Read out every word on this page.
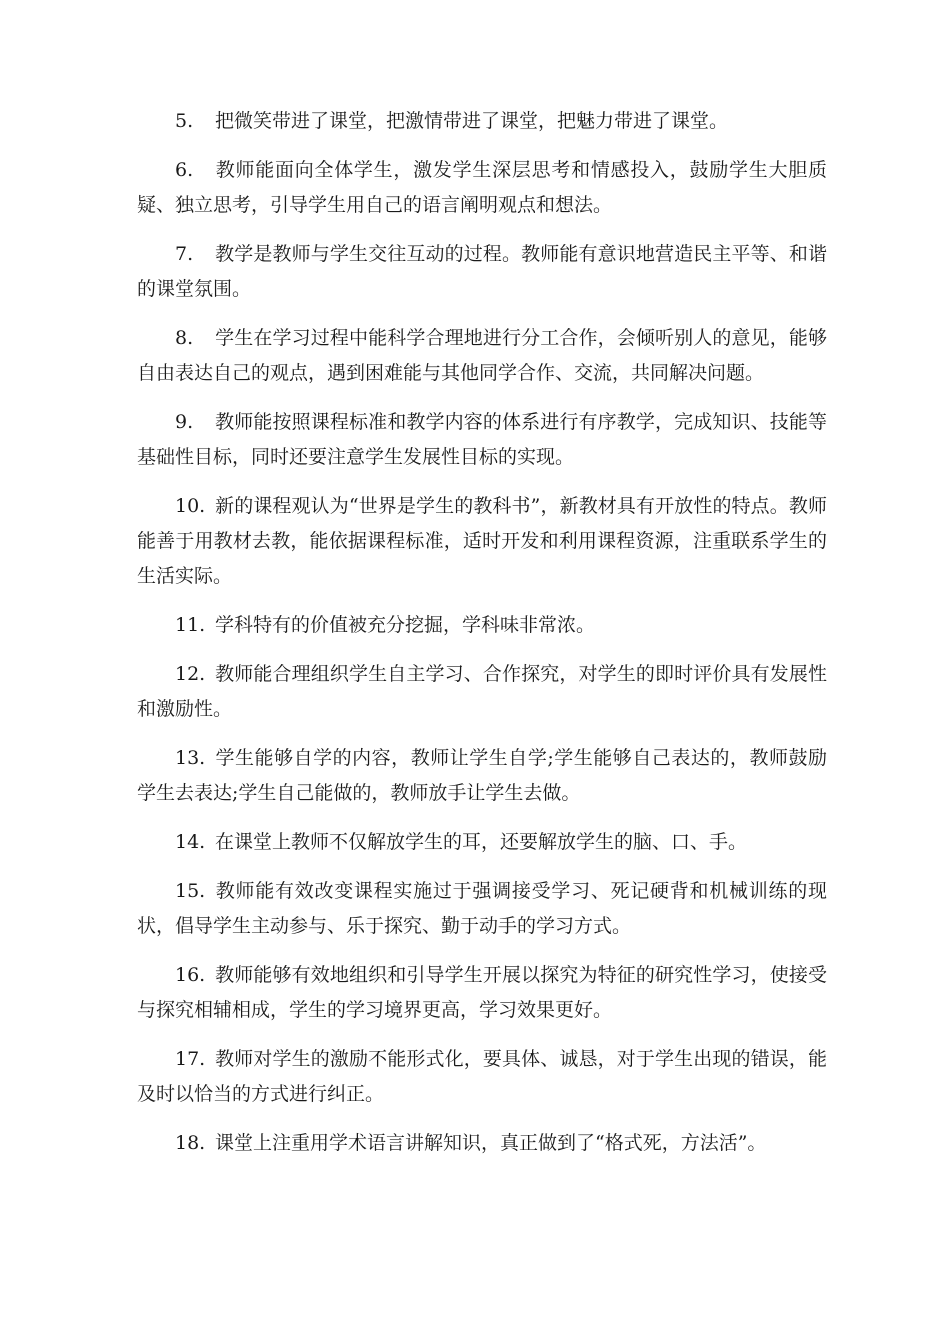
5. 把微笑带进了课堂，把激情带进了课堂，把魅力带进了课堂。

6. 教师能面向全体学生，激发学生深层思考和情感投入，鼓励学生大胆质疑、独立思考，引导学生用自己的语言阐明观点和想法。

7. 教学是教师与学生交往互动的过程。教师能有意识地营造民主平等、和谐的课堂氛围。

8. 学生在学习过程中能科学合理地进行分工合作，会倾听别人的意见，能够自由表达自己的观点，遇到困难能与其他同学合作、交流，共同解决问题。

9. 教师能按照课程标准和教学内容的体系进行有序教学，完成知识、技能等基础性目标，同时还要注意学生发展性目标的实现。

10. 新的课程观认为“世界是学生的教科书”，新教材具有开放性的特点。教师能善于用教材去教，能依据课程标准，适时开发和利用课程资源，注重联系学生的生活实际。

11. 学科特有的价值被充分挖掘，学科味非常浓。

12. 教师能合理组织学生自主学习、合作探究，对学生的即时评价具有发展性和激励性。

13. 学生能够自学的内容，教师让学生自学;学生能够自己表达的，教师鼓励学生去表达;学生自己能做的，教师放手让学生去做。

14. 在课堂上教师不仅解放学生的耳，还要解放学生的脑、口、手。

15. 教师能有效改变课程实施过于强调接受学习、死记硬背和机械训练的现状，倡导学生主动参与、乐于探究、勤于动手的学习方式。

16. 教师能够有效地组织和引导学生开展以探究为特征的研究性学习，使接受与探究相辅相成，学生的学习境界更高，学习效果更好。

17. 教师对学生的激励不能形式化，要具体、诚恳，对于学生出现的错误，能及时以恰当的方式进行纠正。

18. 课堂上注重用学术语言讲解知识，真正做到了“格式死，方法活”。
